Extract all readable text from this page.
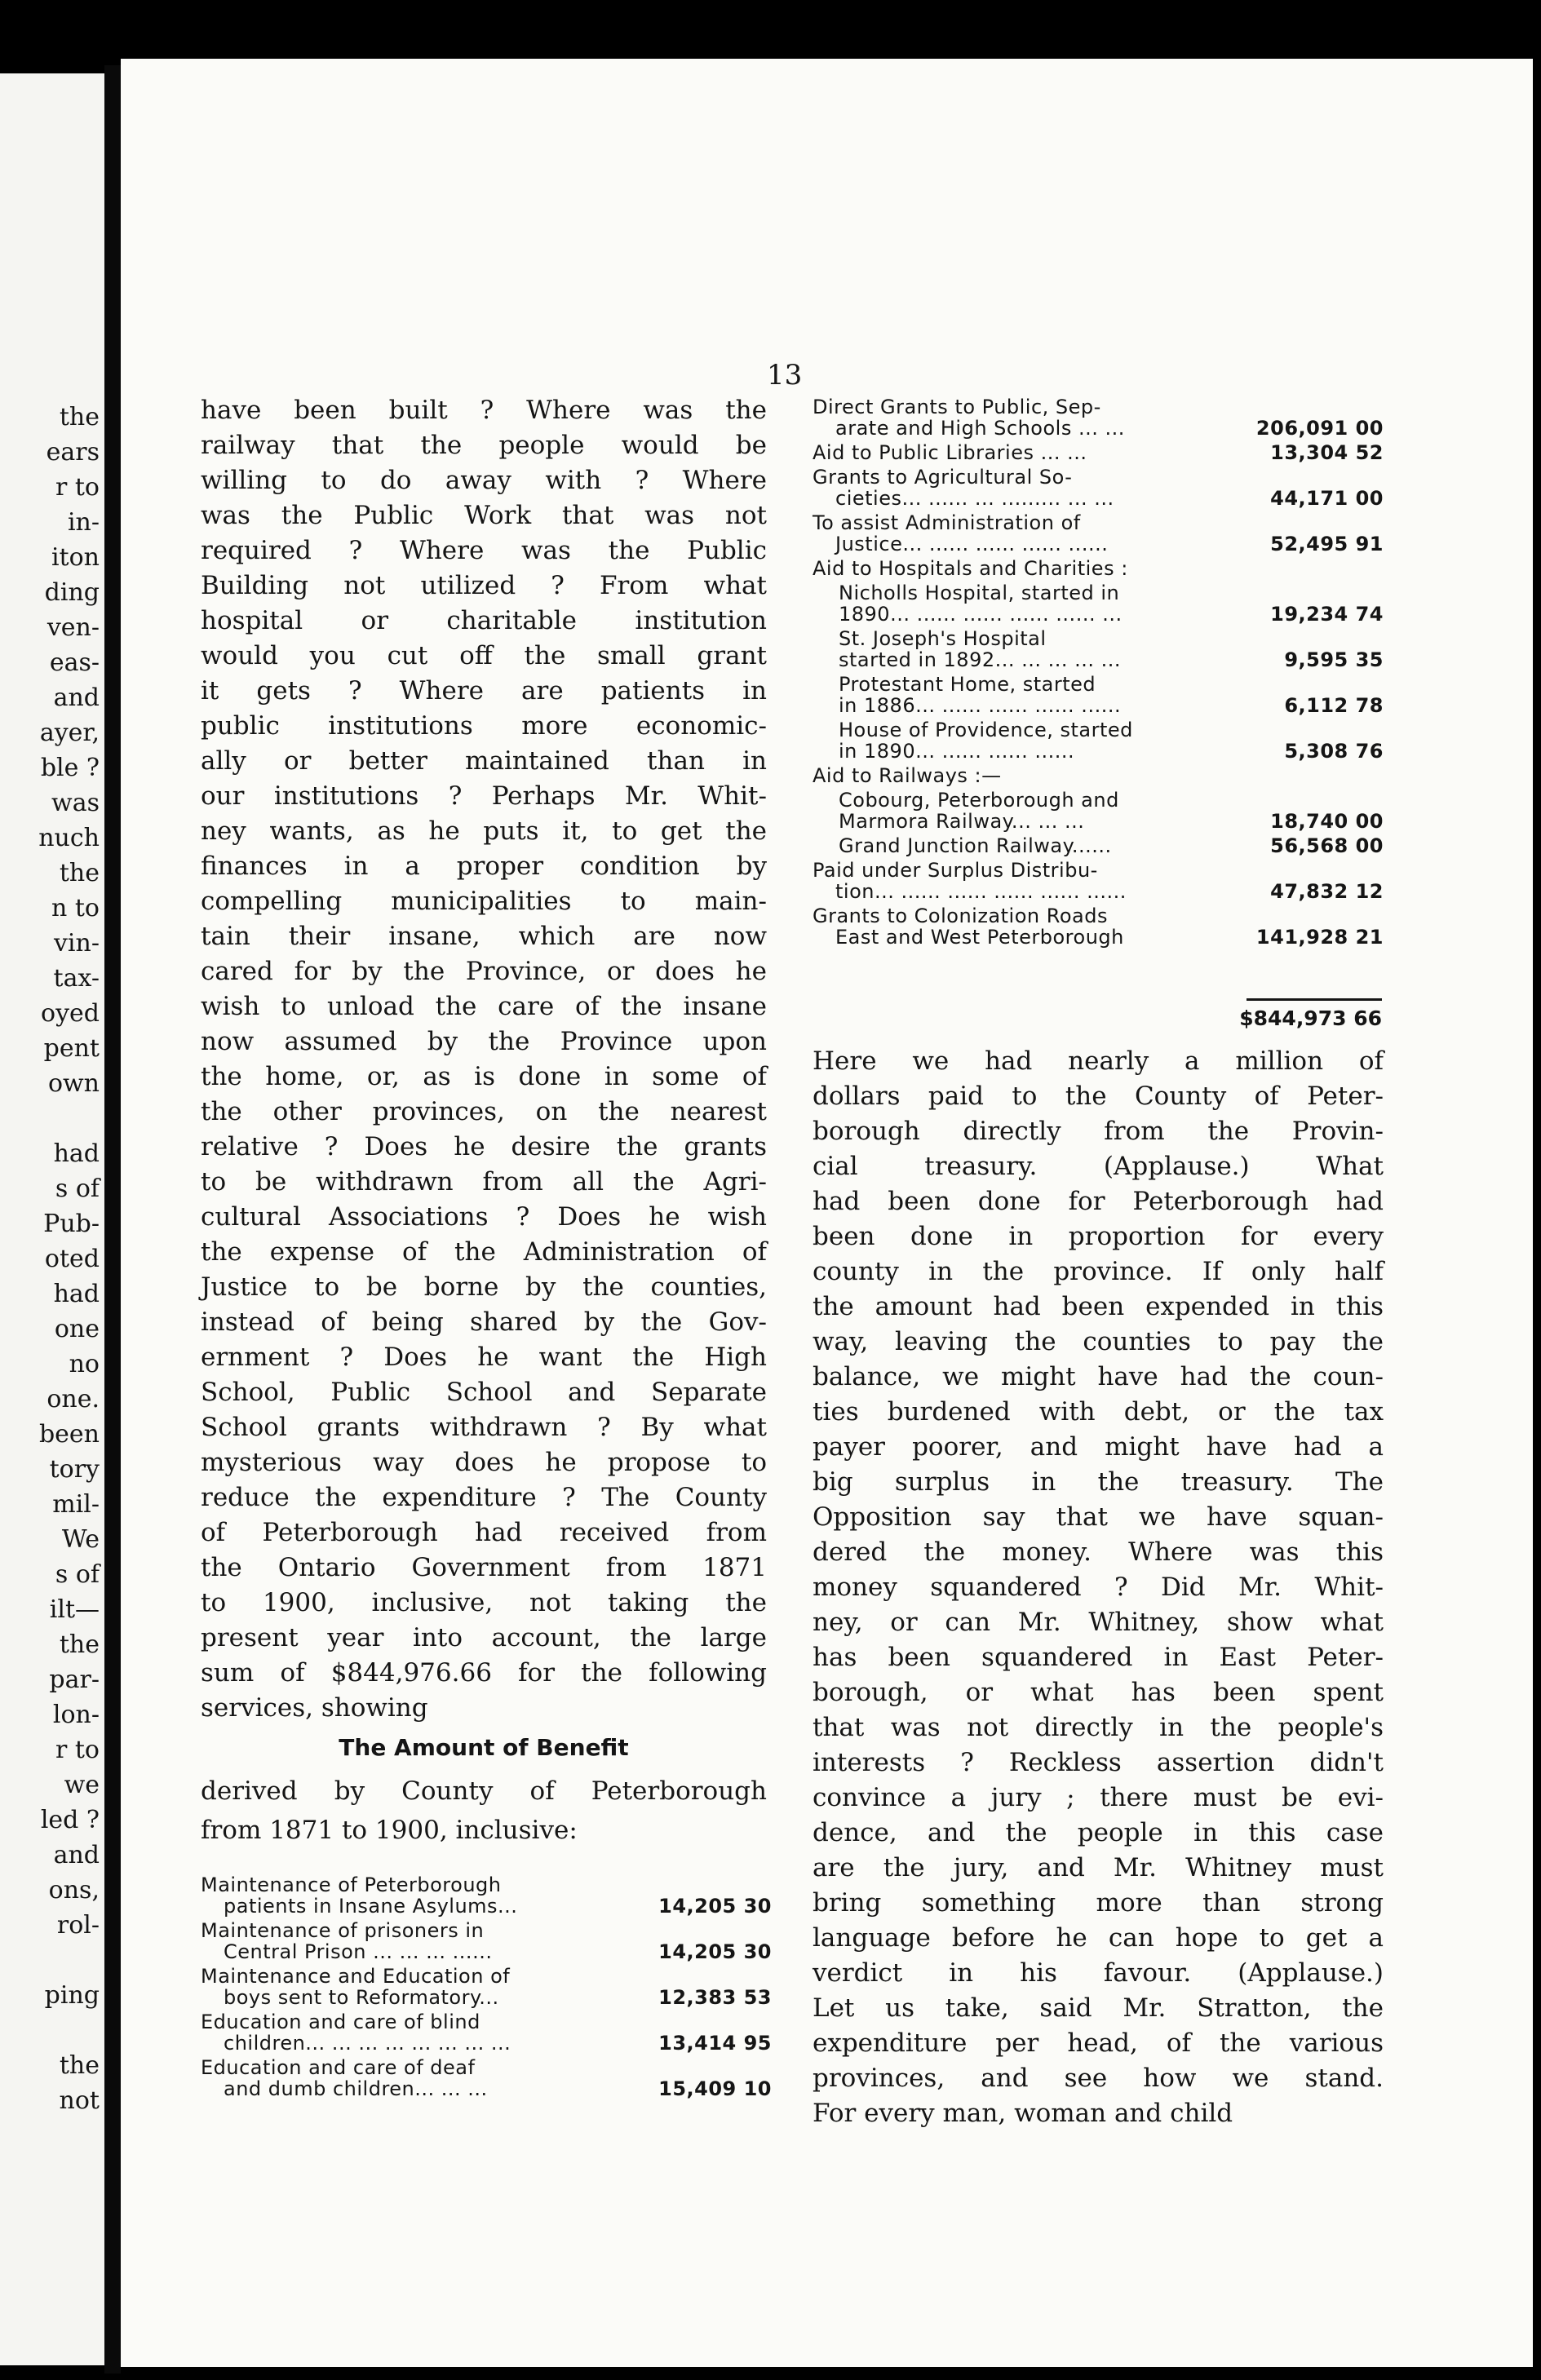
the
ears
r to
in-
iton
ding
ven-
eas-
and
ayer,
ble ?
was
nuch
the
n to
vin-
tax-
oyed
pent
own
had
s of
Pub-
oted
had
one
no
one.
been
tory
mil-
We
s of
ilt—
the
par-
lon-
r to
we
led ?
and
ons,
rol-
ping
the
not
13

have been built ? Where was the

railway that the people would be

willing to do away with ? Where

was the Public Work that was not

required ? Where was the Public

Building not utilized ? From what

hospital or charitable institution

would you cut off the small grant

it gets ? Where are patients in

public institutions more economic-

ally or better maintained than in

our institutions ? Perhaps Mr. Whit-

ney wants, as he puts it, to get the

finances in a proper condition by

compelling municipalities to main-

tain their insane, which are now

cared for by the Province, or does he

wish to unload the care of the insane

now assumed by the Province upon

the home, or, as is done in some of

the other provinces, on the nearest

relative ? Does he desire the grants

to be withdrawn from all the Agri-

cultural Associations ? Does he wish

the expense of the Administration of

Justice to be borne by the counties,

instead of being shared by the Gov-

ernment ? Does he want the High

School, Public School and Separate

School grants withdrawn ? By what

mysterious way does he propose to

reduce the expenditure ? The County

of Peterborough had received from

the Ontario Government from 1871

to 1900, inclusive, not taking the

present year into account, the large

sum of $844,976.66 for the following

services, showing

The Amount of Benefit

derived by County of Peterborough

from 1871 to 1900, inclusive:

Maintenance of Peterborough
patients in Insane Asylums...	14,205 30
Maintenance of prisoners in
Central Prison ... ... ... ......	14,205 30
Maintenance and Education of
boys sent to Reformatory...	12,383 53
Education and care of blind
children... ... ... ... ... ... ... ...	13,414 95
Education and care of deaf
and dumb children... ... ...	15,409 10
Direct Grants to Public, Sep-
arate and High Schools ... ...	206,091 00
Aid to Public Libraries ... ...	13,304 52
Grants to Agricultural So-
cieties... ...... ... ......... ... ...	44,171 00
To assist Administration of
Justice... ...... ...... ...... ......	52,495 91
Aid to Hospitals and Charities :
Nicholls Hospital, started in
1890... ...... ...... ...... ...... ...	19,234 74
St. Joseph's Hospital
started in 1892... ... ... ... ...	9,595 35
Protestant Home, started
in 1886... ...... ...... ...... ......	6,112 78
House of Providence, started
in 1890... ...... ...... ......	5,308 76
Aid to Railways :—
Cobourg, Peterborough and
Marmora Railway... ... ...	18,740 00
Grand Junction Railway......	56,568 00
Paid under Surplus Distribu-
tion... ...... ...... ...... ...... ......	47,832 12
Grants to Colonization Roads
East and West Peterborough	141,928 21
$844,973 66

Here we had nearly a million of

dollars paid to the County of Peter-

borough directly from the Provin-

cial treasury. (Applause.) What

had been done for Peterborough had

been done in proportion for every

county in the province. If only half

the amount had been expended in this

way, leaving the counties to pay the

balance, we might have had the coun-

ties burdened with debt, or the tax

payer poorer, and might have had a

big surplus in the treasury. The

Opposition say that we have squan-

dered the money. Where was this

money squandered ? Did Mr. Whit-

ney, or can Mr. Whitney, show what

has been squandered in East Peter-

borough, or what has been spent

that was not directly in the people's

interests ? Reckless assertion didn't

convince a jury ; there must be evi-

dence, and the people in this case

are the jury, and Mr. Whitney must

bring something more than strong

language before he can hope to get a

verdict in his favour. (Applause.)

Let us take, said Mr. Stratton, the

expenditure per head, of the various

provinces, and see how we stand.

For every man, woman and child
